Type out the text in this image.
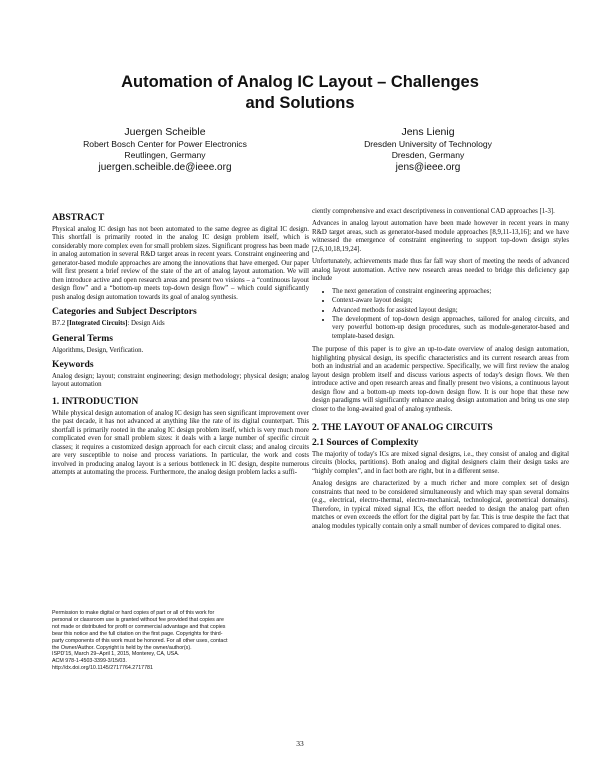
Automation of Analog IC Layout – Challenges
and Solutions
Juergen Scheible
Robert Bosch Center for Power Electronics
Reutlingen, Germany
juergen.scheible.de@ieee.org
Jens Lienig
Dresden University of Technology
Dresden, Germany
jens@ieee.org
ABSTRACT

Physical analog IC design has not been automated to the same degree as digital IC design. This shortfall is primarily rooted in the analog IC design problem itself, which is considerably more complex even for small problem sizes. Significant progress has been made in analog automation in several R&D target areas in recent years. Constraint engineering and generator-based module approaches are among the innovations that have emerged. Our paper will first present a brief review of the state of the art of analog layout automation. We will then introduce active and open research areas and present two visions – a “continuous layout design flow” and a “bottom-up meets top-down design flow” – which could significantly push analog design automation towards its goal of analog synthesis.

Categories and Subject Descriptors

B7.2 [Integrated Circuits]: Design Aids

General Terms

Algorithms, Design, Verification.

Keywords

Analog design; layout; constraint engineering; design methodology; physical design; analog layout automation

1. INTRODUCTION

While physical design automation of analog IC design has seen significant improvement over the past decade, it has not advanced at anything like the rate of its digital counterpart. This shortfall is primarily rooted in the analog IC design problem itself, which is very much more complicated even for small problem sizes: it deals with a large number of specific circuit classes; it requires a customized design approach for each circuit class; and analog circuits are very susceptible to noise and process variations. In particular, the work and costs involved in producing analog layout is a serious bottleneck in IC design, despite numerous attempts at automating the process. Furthermore, the analog design problem lacks a suffi-

Permission to make digital or hard copies of part or all of this work for
personal or classroom use is granted without fee provided that copies are
not made or distributed for profit or commercial advantage and that copies
bear this notice and the full citation on the first page. Copyrights for third-
party components of this work must be honored. For all other uses, contact
the Owner/Author. Copyright is held by the owner/author(s).
ISPD'15, March 29–April 1, 2015, Monterey, CA, USA.
ACM 978-1-4503-3399-3/15/03.
http://dx.doi.org/10.1145/2717764.2717781

ciently comprehensive and exact descriptiveness in conventional CAD approaches [1-3].

Advances in analog layout automation have been made however in recent years in many R&D target areas, such as generator-based module approaches [8,9,11-13,16]; and we have witnessed the emergence of constraint engineering to support top-down design styles [2,6,10,18,19,24].

Unfortunately, achievements made thus far fall way short of meeting the needs of advanced analog layout automation. Active new research areas needed to bridge this deficiency gap include

• The next generation of constraint engineering approaches;
• Context-aware layout design;
• Advanced methods for assisted layout design;
• The development of top-down design approaches, tailored for analog circuits, and very powerful bottom-up design procedures, such as module-generator-based and template-based design.

The purpose of this paper is to give an up-to-date overview of analog design automation, highlighting physical design, its specific characteristics and its current research areas from both an industrial and an academic perspective. Specifically, we will first review the analog layout design problem itself and discuss various aspects of today's design flows. We then introduce active and open research areas and finally present two visions, a continuous layout design flow and a bottom-up meets top-down design flow. It is our hope that these new design paradigms will significantly enhance analog design automation and bring us one step closer to the long-awaited goal of analog synthesis.

2. THE LAYOUT OF ANALOG CIRCUITS
2.1 Sources of Complexity

The majority of today's ICs are mixed signal designs, i.e., they consist of analog and digital circuits (blocks, partitions). Both analog and digital designers claim their design tasks are “highly complex”, and in fact both are right, but in a different sense.

Analog designs are characterized by a much richer and more complex set of design constraints that need to be considered simultaneously and which may span several domains (e.g., electrical, electro-thermal, electro-mechanical, technological, geometrical domains). Therefore, in typical mixed signal ICs, the effort needed to design the analog part often matches or even exceeds the effort for the digital part by far. This is true despite the fact that analog modules typically contain only a small number of devices compared to digital ones.

33
